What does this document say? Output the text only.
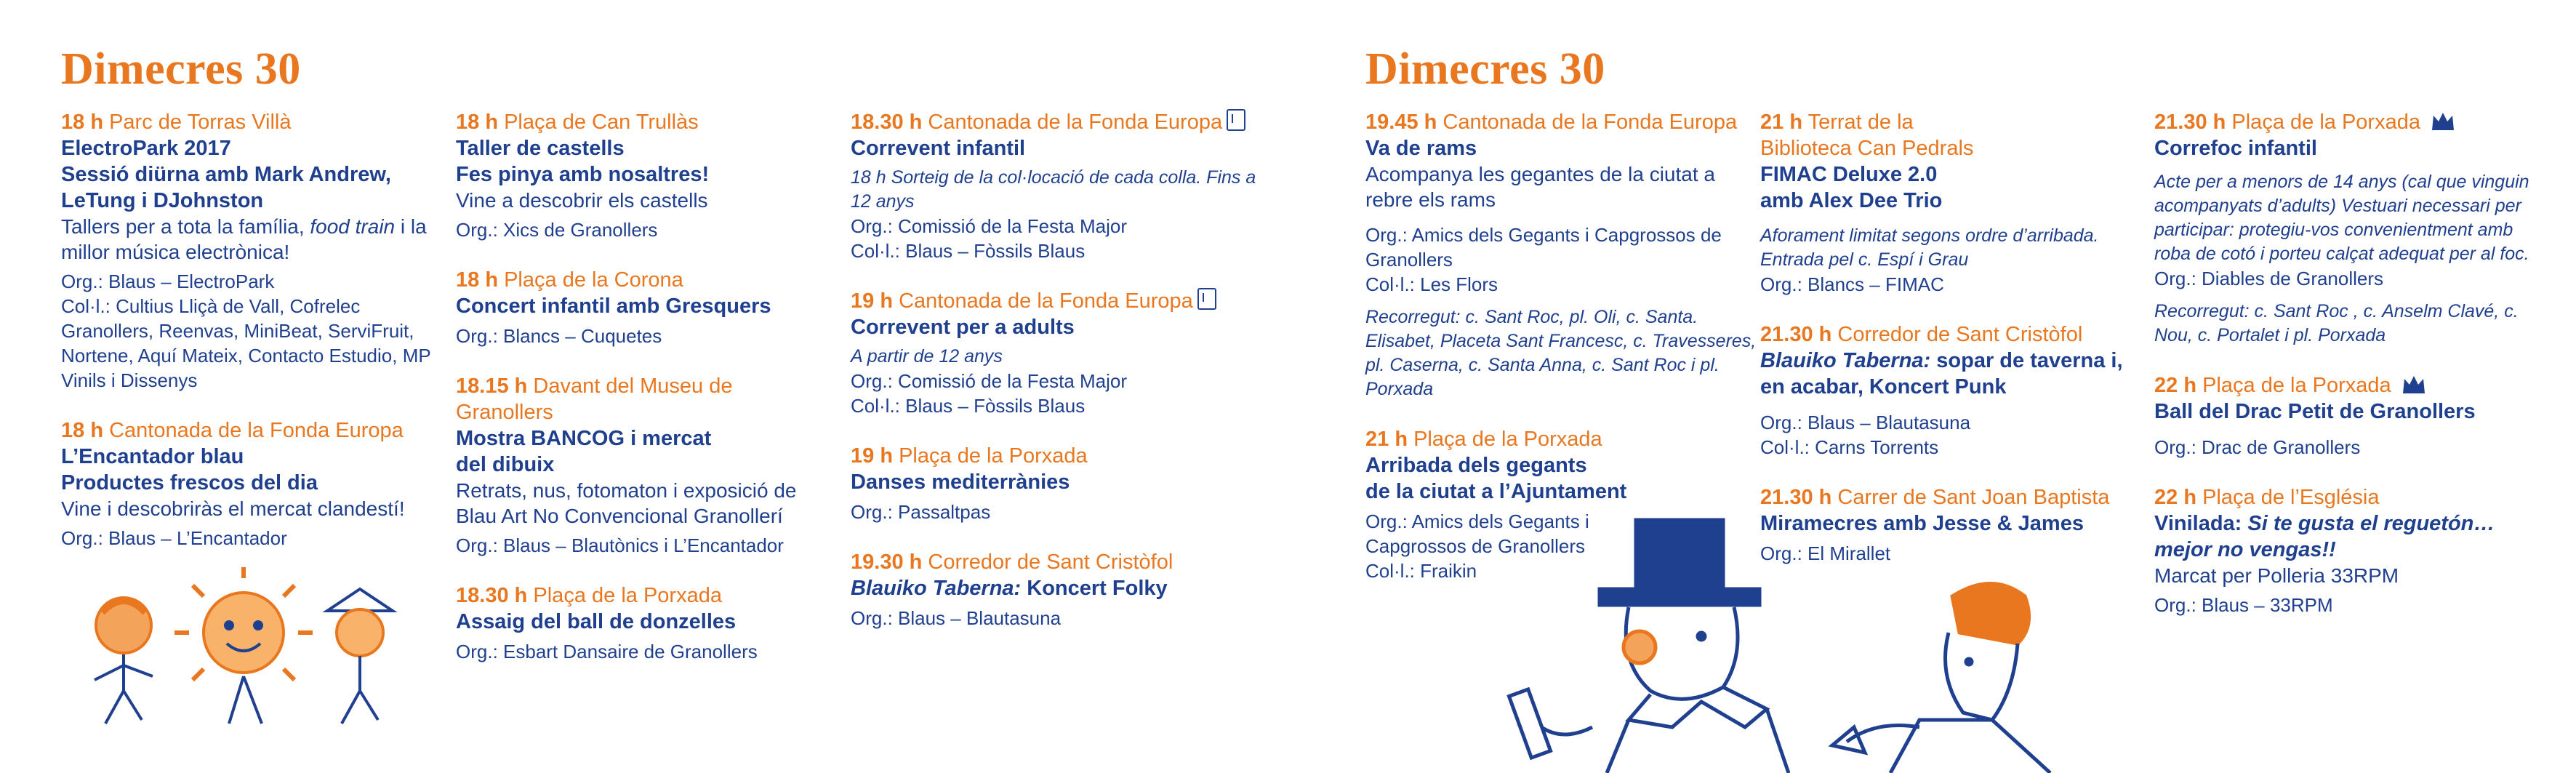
Dimecres 30
18 h Parc de Torras Villà
ElectroPark 2017
Sessió diürna amb Mark Andrew,
LeTung i DJohnston
Tallers per a tota la família, food train i la millor música electrònica!
Org.: Blaus – ElectroPark
Col·l.: Cultius Lliçà de Vall, Cofrelec Granollers, Reenvas, MiniBeat, ServiFruit, Nortene, Aquí Mateix, Contacto Estudio, MP Vinils i Dissenys
18 h Cantonada de la Fonda Europa
L’Encantador blau
Productes frescos del dia
Vine i descobriràs el mercat clandestí!
Org.: Blaus – L’Encantador
18 h Plaça de Can Trullàs
Taller de castells
Fes pinya amb nosaltres!
Vine a descobrir els castells
Org.: Xics de Granollers
18 h Plaça de la Corona
Concert infantil amb Gresquers
Org.: Blancs – Cuquetes
18.15 h Davant del Museu de Granollers
Mostra BANCOG i mercat
del dibuix
Retrats, nus, fotomaton i exposició de Blau Art No Convencional Granollerí
Org.: Blaus – Blautònics i L’Encantador
18.30 h Plaça de la Porxada
Assaig del ball de donzelles
Org.: Esbart Dansaire de Granollers
18.30 h Cantonada de la Fonda Europa
Correvent infantil
18 h Sorteig de la col·locació de cada colla. Fins a 12 anys
Org.: Comissió de la Festa Major
Col·l.: Blaus – Fòssils Blaus
19 h Cantonada de la Fonda Europa
Correvent per a adults
A partir de 12 anys
Org.: Comissió de la Festa Major
Col·l.: Blaus – Fòssils Blaus
19 h Plaça de la Porxada
Danses mediterrànies
Org.: Passaltpas
19.30 h Corredor de Sant Cristòfol
Blauiko Taberna: Koncert Folky
Org.: Blaus – Blautasuna
Dimecres 30
19.45 h Cantonada de la Fonda Europa
Va de rams
Acompanya les gegantes de la ciutat a rebre els rams
Org.: Amics dels Gegants i Capgrossos de Granollers
Col·l.: Les Flors
Recorregut: c. Sant Roc, pl. Oli, c. Santa. Elisabet, Placeta Sant Francesc, c. Travesseres, pl. Caserna, c. Santa Anna, c. Sant Roc i pl. Porxada
21 h Plaça de la Porxada
Arribada dels gegants
de la ciutat a l’Ajuntament
Org.: Amics dels Gegants i Capgrossos de Granollers
Col·l.: Fraikin
21 h Terrat de la Biblioteca Can Pedrals
FIMAC Deluxe 2.0
amb Alex Dee Trio
Aforament limitat segons ordre d’arribada. Entrada pel c. Espí i Grau
Org.: Blancs – FIMAC
21.30 h Corredor de Sant Cristòfol
Blauiko Taberna: sopar de taverna i, en acabar, Koncert Punk
Org.: Blaus – Blautasuna
Col·l.: Carns Torrents
21.30 h Carrer de Sant Joan Baptista
Miramecres amb Jesse & James
Org.: El Mirallet
21.30 h Plaça de la Porxada
Correfoc infantil
Acte per a menors de 14 anys (cal que vinguin acompanyats d’adults) Vestuari necessari per participar: protegiu-vos convenientment amb roba de cotó i porteu calçat adequat per al foc.
Org.: Diables de Granollers
Recorregut: c. Sant Roc , c. Anselm Clavé, c. Nou, c. Portalet i pl. Porxada
22 h Plaça de la Porxada
Ball del Drac Petit de Granollers
Org.: Drac de Granollers
22 h Plaça de l’Església
Vinilada: Si te gusta el reguetón…
mejor no vengas!!
Marcat per Polleria 33RPM
Org.: Blaus – 33RPM
